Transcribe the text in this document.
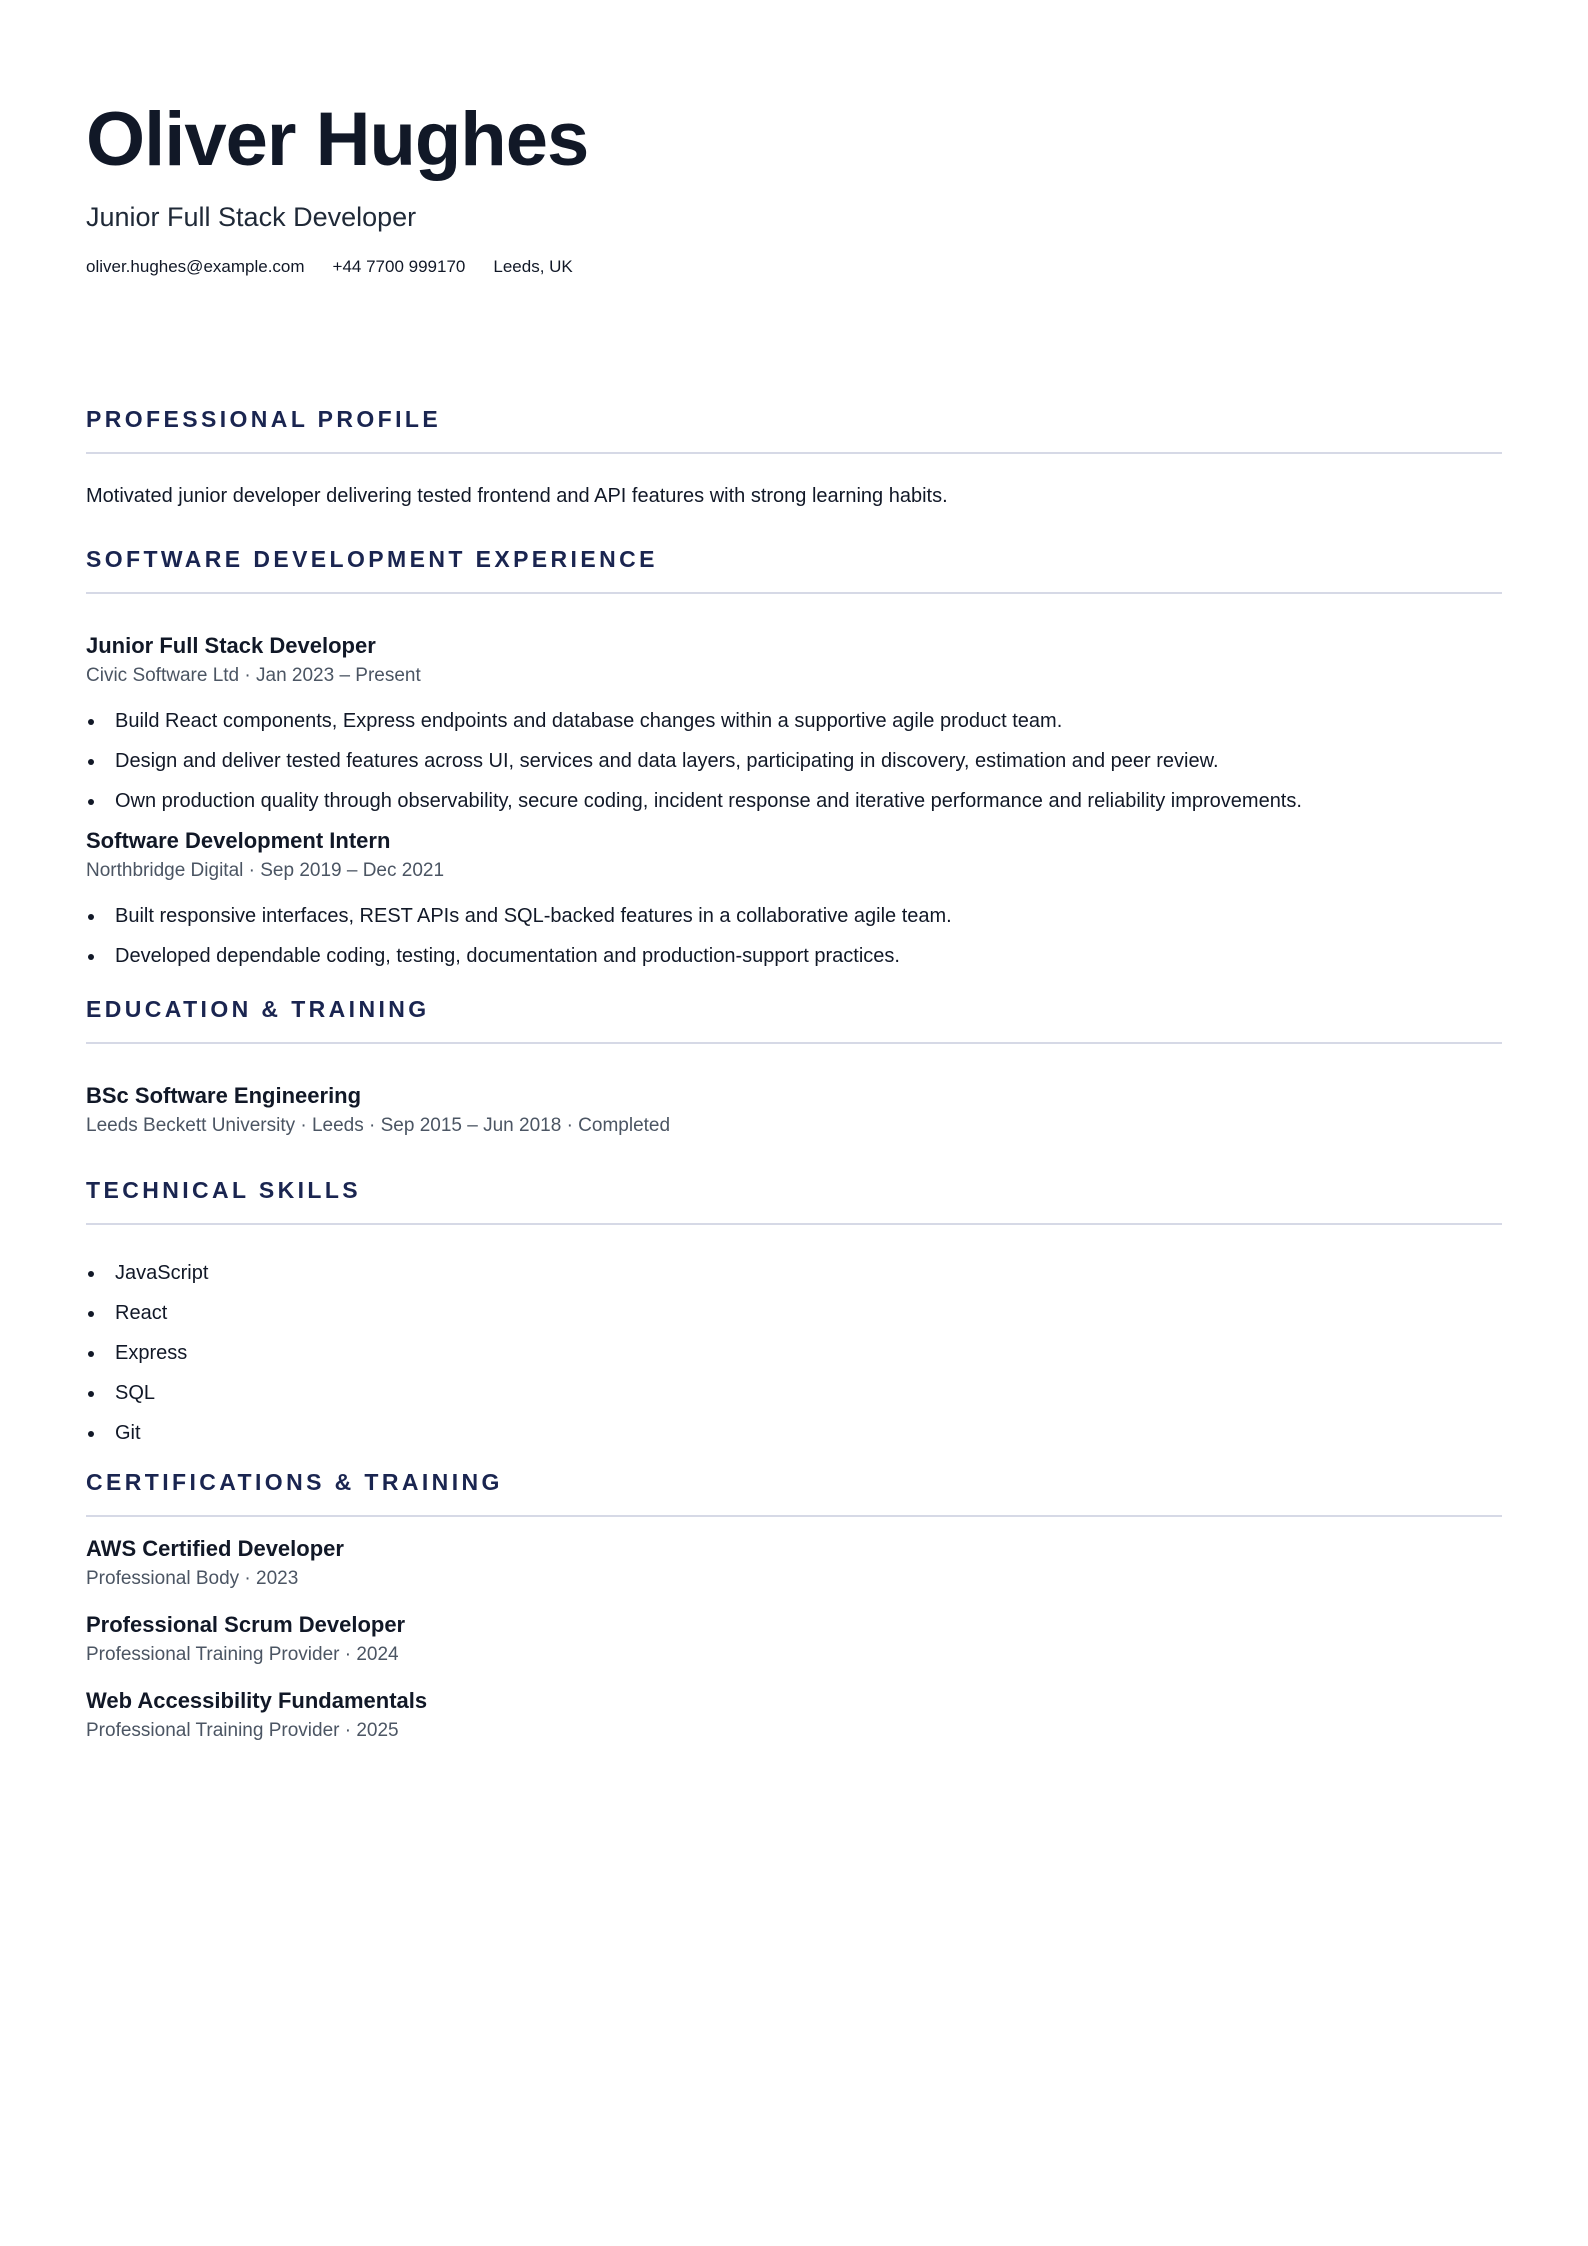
Oliver Hughes
Junior Full Stack Developer
oliver.hughes@example.com +44 7700 999170 Leeds, UK
PROFESSIONAL PROFILE
Motivated junior developer delivering tested frontend and API features with strong learning habits.
SOFTWARE DEVELOPMENT EXPERIENCE
Junior Full Stack Developer
Civic Software Ltd · Jan 2023 – Present
Build React components, Express endpoints and database changes within a supportive agile product team.
Design and deliver tested features across UI, services and data layers, participating in discovery, estimation and peer review.
Own production quality through observability, secure coding, incident response and iterative performance and reliability improvements.
Software Development Intern
Northbridge Digital · Sep 2019 – Dec 2021
Built responsive interfaces, REST APIs and SQL-backed features in a collaborative agile team.
Developed dependable coding, testing, documentation and production-support practices.
EDUCATION & TRAINING
BSc Software Engineering
Leeds Beckett University · Leeds · Sep 2015 – Jun 2018 · Completed
TECHNICAL SKILLS
JavaScript
React
Express
SQL
Git
CERTIFICATIONS & TRAINING
AWS Certified Developer
Professional Body · 2023
Professional Scrum Developer
Professional Training Provider · 2024
Web Accessibility Fundamentals
Professional Training Provider · 2025
